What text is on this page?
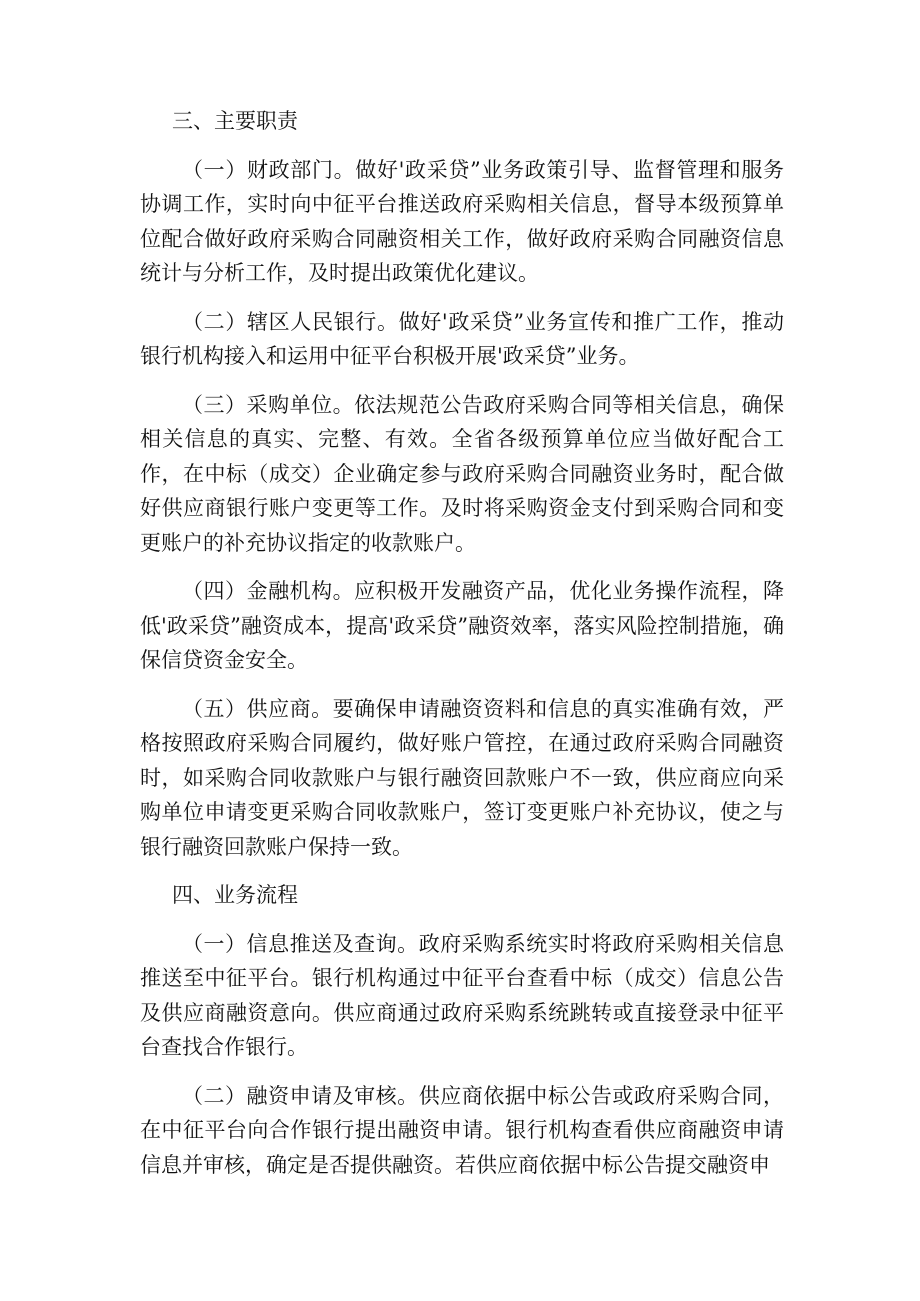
三、主要职责

（一）财政部门。做好'政采贷”业务政策引导、监督管理和服务协调工作，实时向中征平台推送政府采购相关信息，督导本级预算单位配合做好政府采购合同融资相关工作，做好政府采购合同融资信息统计与分析工作，及时提出政策优化建议。

（二）辖区人民银行。做好'政采贷”业务宣传和推广工作，推动银行机构接入和运用中征平台积极开展'政采贷”业务。

（三）采购单位。依法规范公告政府采购合同等相关信息，确保相关信息的真实、完整、有效。全省各级预算单位应当做好配合工作，在中标（成交）企业确定参与政府采购合同融资业务时，配合做好供应商银行账户变更等工作。及时将采购资金支付到采购合同和变更账户的补充协议指定的收款账户。

（四）金融机构。应积极开发融资产品，优化业务操作流程，降低'政采贷”融资成本，提高'政采贷”融资效率，落实风险控制措施，确保信贷资金安全。

（五）供应商。要确保申请融资资料和信息的真实准确有效，严格按照政府采购合同履约，做好账户管控，在通过政府采购合同融资时，如采购合同收款账户与银行融资回款账户不一致，供应商应向采购单位申请变更采购合同收款账户，签订变更账户补充协议，使之与银行融资回款账户保持一致。

四、业务流程

（一）信息推送及查询。政府采购系统实时将政府采购相关信息推送至中征平台。银行机构通过中征平台查看中标（成交）信息公告及供应商融资意向。供应商通过政府采购系统跳转或直接登录中征平台查找合作银行。

（二）融资申请及审核。供应商依据中标公告或政府采购合同，在中征平台向合作银行提出融资申请。银行机构查看供应商融资申请信息并审核，确定是否提供融资。若供应商依据中标公告提交融资申
